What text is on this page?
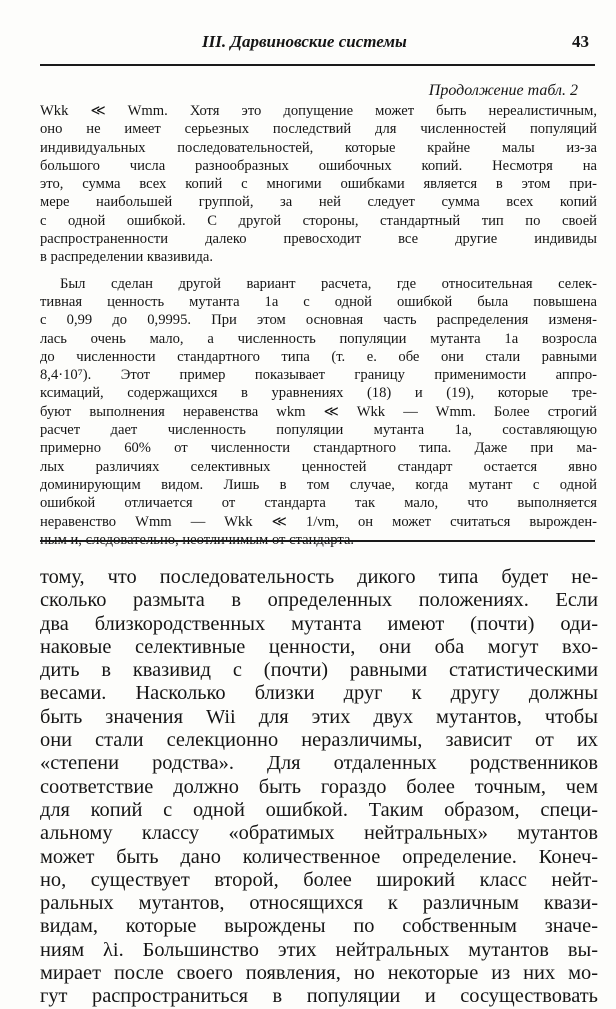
III. Дарвиновские системы	43
Продолжение табл. 2

Wkk ≪ Wmm. Хотя это допущение может быть нереалистичным,
оно не имеет серьезных последствий для численностей популяций
индивидуальных последовательностей, которые крайне малы из-за
большого числа разнообразных ошибочных копий. Несмотря на
это, сумма всех копий с многими ошибками является в этом при-
мере наибольшей группой, за ней следует сумма всех копий
с одной ошибкой. С другой стороны, стандартный тип по своей
распространенности далеко превосходит все другие индивиды
в распределении квазивида.

Был сделан другой вариант расчета, где относительная селек-
тивная ценность мутанта 1а с одной ошибкой была повышена
с 0,99 до 0,9995. При этом основная часть распределения изменя-
лась очень мало, а численность популяции мутанта 1а возросла
до численности стандартного типа (т. е. обе они стали равными
8,4·10⁷). Этот пример показывает границу применимости аппро-
ксимаций, содержащихся в уравнениях (18) и (19), которые тре-
буют выполнения неравенства wkm ≪ Wkk — Wmm. Более строгий
расчет дает численность популяции мутанта 1а, составляющую
примерно 60% от численности стандартного типа. Даже при ма-
лых различиях селективных ценностей стандарт остается явно
доминирующим видом. Лишь в том случае, когда мутант с одной
ошибкой отличается от стандарта так мало, что выполняется
неравенство Wmm — Wkk ≪ 1/νm, он может считаться вырожден-
ным и, следовательно, неотличимым от стандарта.

тому, что последовательность дикого типа будет не-
сколько размыта в определенных положениях. Если
два близкородственных мутанта имеют (почти) оди-
наковые селективные ценности, они оба могут вхо-
дить в квазивид с (почти) равными статистическими
весами. Насколько близки друг к другу должны
быть значения Wii для этих двух мутантов, чтобы
они стали селекционно неразличимы, зависит от их
«степени родства». Для отдаленных родственников
соответствие должно быть гораздо более точным, чем
для копий с одной ошибкой. Таким образом, специ-
альному классу «обратимых нейтральных» мутантов
может быть дано количественное определение. Конеч-
но, существует второй, более широкий класс нейт-
ральных мутантов, относящихся к различным квази-
видам, которые вырождены по собственным значе-
ниям λi. Большинство этих нейтральных мутантов вы-
мирает после своего появления, но некоторые из них мо-
гут распространиться в популяции и сосуществовать
